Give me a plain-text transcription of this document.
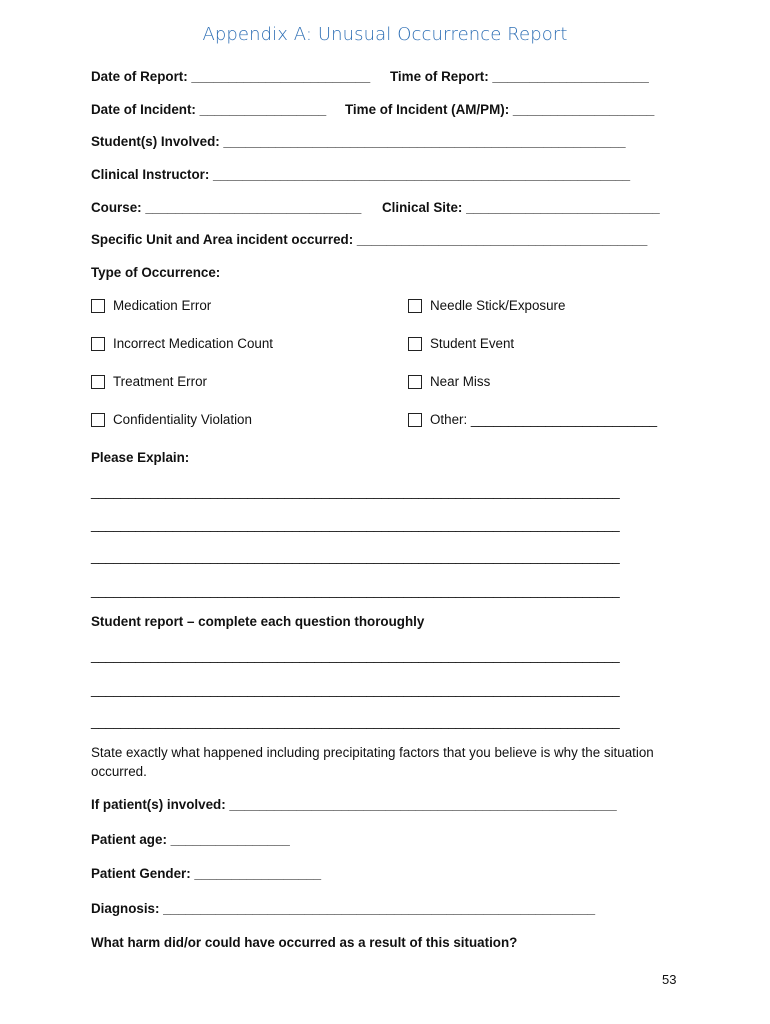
Appendix A: Unusual Occurrence Report
Date of Report: ________________________ Time of Report: _____________________
Date of Incident: _________________ Time of Incident (AM/PM): ___________________
Student(s) Involved: ______________________________________________________
Clinical Instructor: ________________________________________________________
Course: _____________________________ Clinical Site: __________________________
Specific Unit and Area incident occurred: _______________________________________
Type of Occurrence:
Medication Error	Needle Stick/Exposure
Incorrect Medication Count	Student Event
Treatment Error	Near Miss
Confidentiality Violation	Other: _________________________
Please Explain:
_______________________________________________________________________
_______________________________________________________________________
_______________________________________________________________________
_______________________________________________________________________
Student report – complete each question thoroughly
_______________________________________________________________________
_______________________________________________________________________
_______________________________________________________________________
State exactly what happened including precipitating factors that you believe is why the situation occurred.
If patient(s) involved: ____________________________________________________
Patient age: ________________
Patient Gender: _________________
Diagnosis: __________________________________________________________
What harm did/or could have occurred as a result of this situation?
53
